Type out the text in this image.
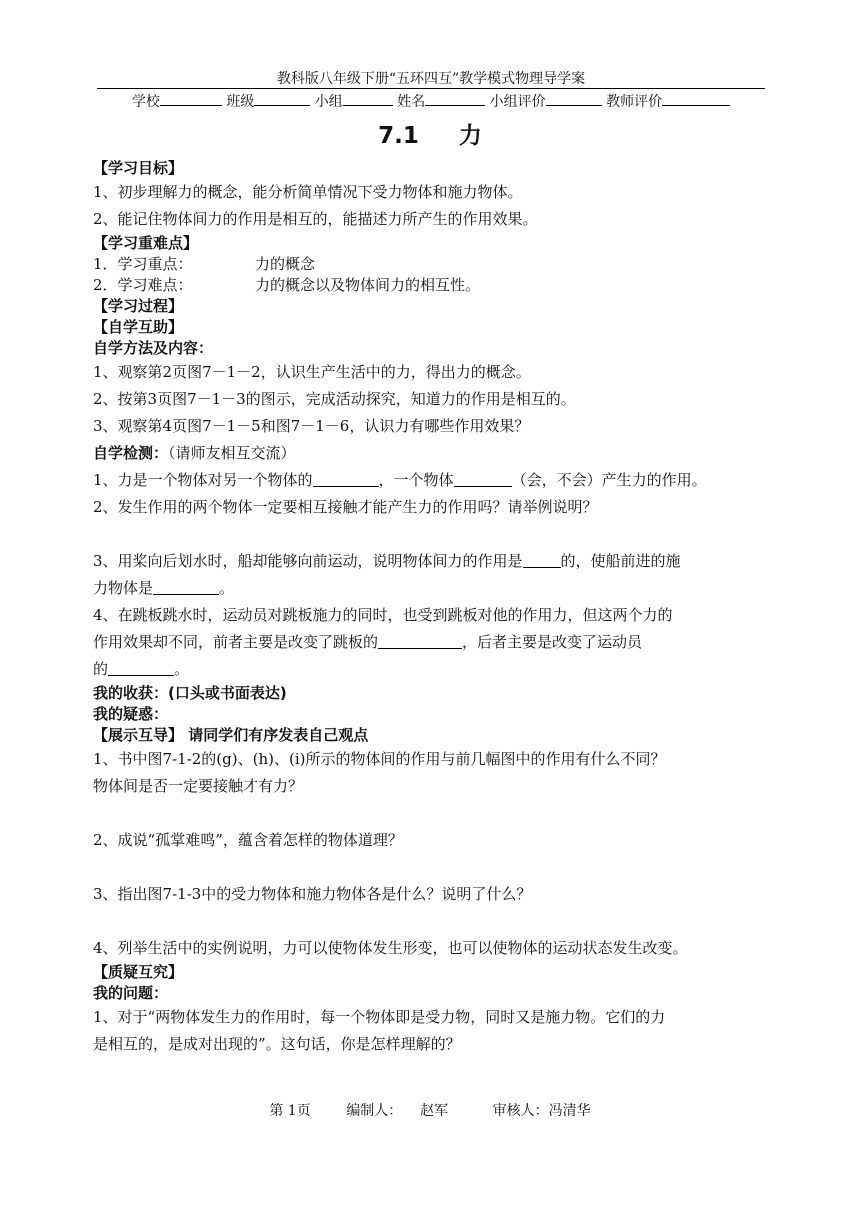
教科版八年级下册“五环四互”教学模式物理导学案
学校	班级	小组	姓名	小组评价	教师评价
7.1 力

【学习目标】

1、初步理解力的概念，能分析简单情况下受力物体和施力物体。

2、能记住物体间力的作用是相互的，能描述力所产生的作用效果。

【学习重难点】

1．学习重点：	力的概念

2．学习难点：	力的概念以及物体间力的相互性。

【学习过程】

【自学互助】

自学方法及内容：

1、观察第2页图7－1－2，认识生产生活中的力，得出力的概念。

2、按第3页图7－1－3的图示，完成活动探究，知道力的作用是相互的。

3、观察第4页图7－1－5和图7－1－6，认识力有哪些作用效果？

自学检测：（请师友相互交流）

1、力是一个物体对另一个物体的	，一个物体	（会，不会）产生力的作用。

2、发生作用的两个物体一定要相互接触才能产生力的作用吗？请举例说明？

3、用桨向后划水时，船却能够向前运动，说明物体间力的作用是	的，使船前进的施

力物体是	。

4、在跳板跳水时，运动员对跳板施力的同时，也受到跳板对他的作用力，但这两个力的

作用效果却不同，前者主要是改变了跳板的	，后者主要是改变了运动员

的	。

我的收获：(口头或书面表达)

我的疑惑：

【展示互导】 请同学们有序发表自己观点

1、书中图7-1-2的(g)、(h)、(i)所示的物体间的作用与前几幅图中的作用有什么不同？

物体间是否一定要接触才有力？

2、成说“孤掌难鸣”，蕴含着怎样的物体道理？

3、指出图7-1-3中的受力物体和施力物体各是什么？说明了什么？

4、列举生活中的实例说明，力可以使物体发生形变，也可以使物体的运动状态发生改变。

【质疑互究】

我的问题：

1、对于“两物体发生力的作用时，每一个物体即是受力物，同时又是施力物。它们的力

是相互的，是成对出现的”。这句话，你是怎样理解的？

第 1页	编制人： 赵军	审核人：冯清华
